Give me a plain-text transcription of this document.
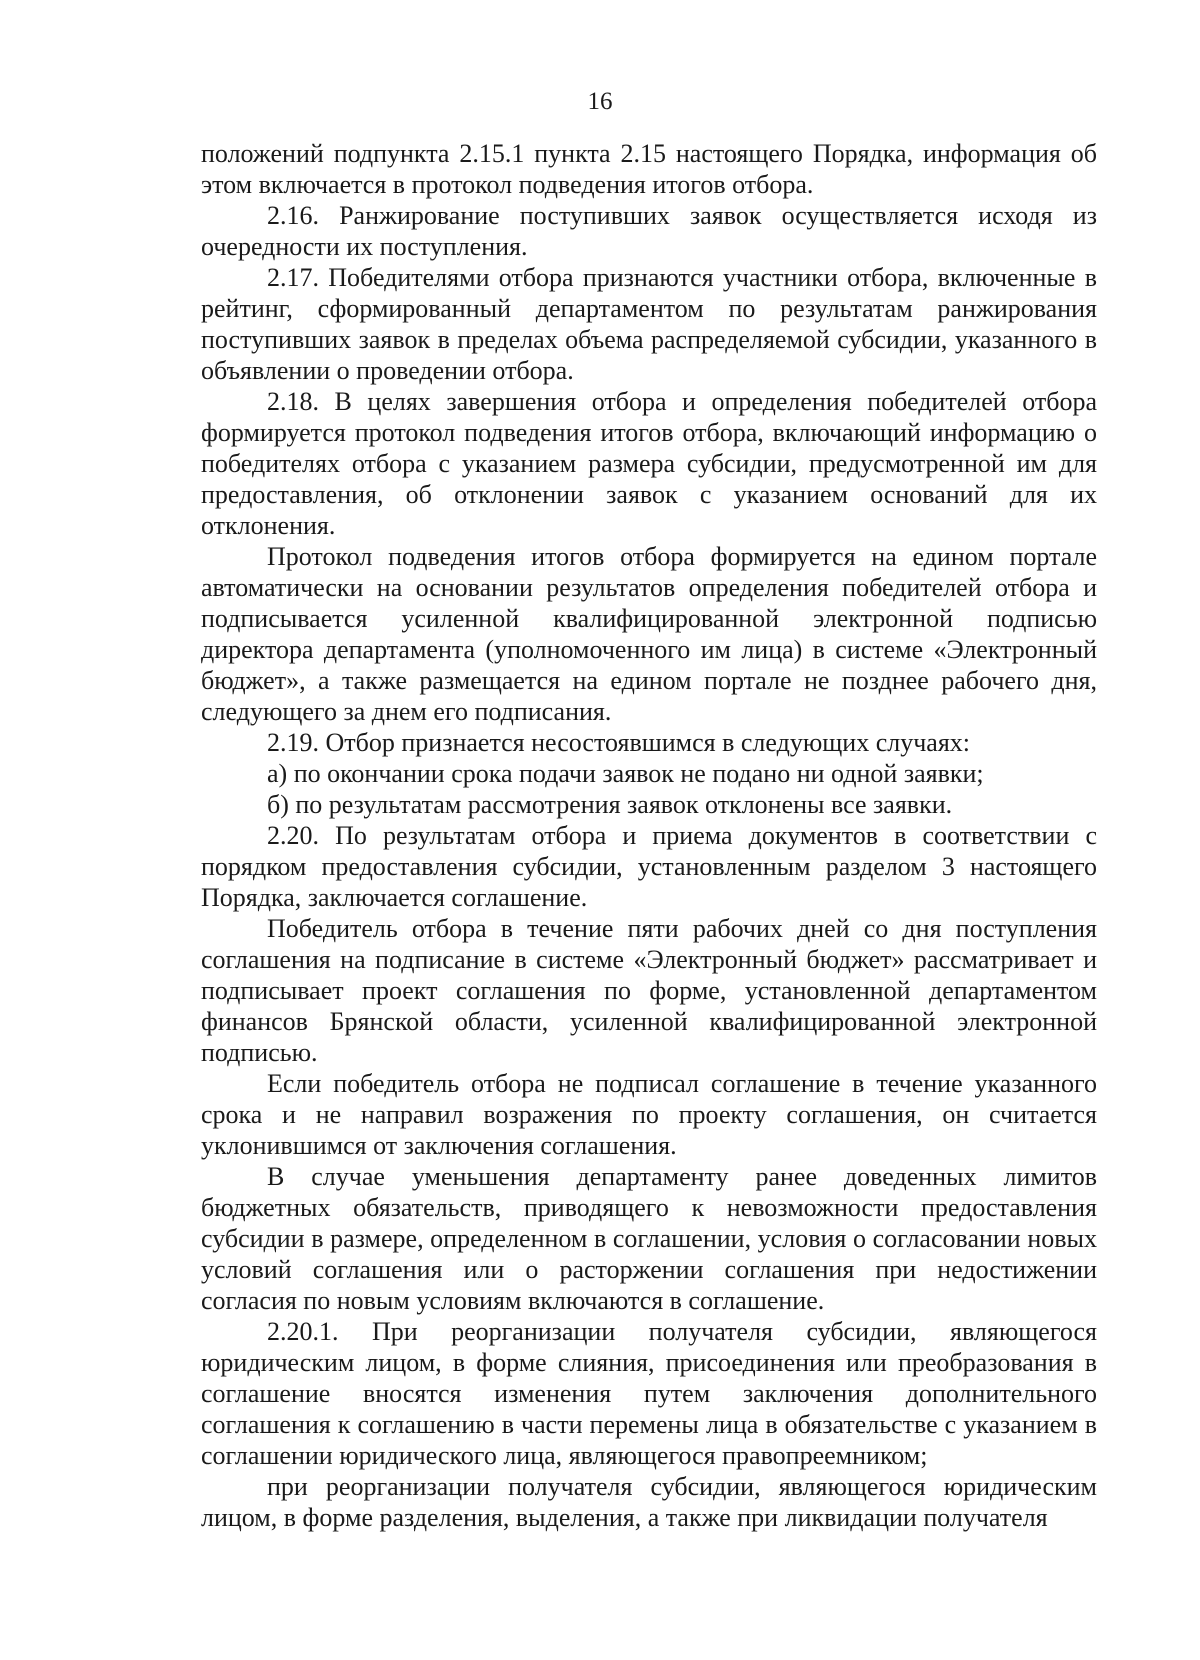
16

положений подпункта 2.15.1 пункта 2.15 настоящего Порядка, информация об этом включается в протокол подведения итогов отбора.

2.16. Ранжирование поступивших заявок осуществляется исходя из очередности их поступления.

2.17. Победителями отбора признаются участники отбора, включенные в рейтинг, сформированный департаментом по результатам ранжирования поступивших заявок в пределах объема распределяемой субсидии, указанного в объявлении о проведении отбора.

2.18. В целях завершения отбора и определения победителей отбора формируется протокол подведения итогов отбора, включающий информацию о победителях отбора с указанием размера субсидии, предусмотренной им для предоставления, об отклонении заявок с указанием оснований для их отклонения.

Протокол подведения итогов отбора формируется на едином портале автоматически на основании результатов определения победителей отбора и подписывается усиленной квалифицированной электронной подписью директора департамента (уполномоченного им лица) в системе «Электронный бюджет», а также размещается на едином портале не позднее рабочего дня, следующего за днем его подписания.

2.19. Отбор признается несостоявшимся в следующих случаях:

а) по окончании срока подачи заявок не подано ни одной заявки;

б) по результатам рассмотрения заявок отклонены все заявки.

2.20. По результатам отбора и приема документов в соответствии с порядком предоставления субсидии, установленным разделом 3 настоящего Порядка, заключается соглашение.

Победитель отбора в течение пяти рабочих дней со дня поступления соглашения на подписание в системе «Электронный бюджет» рассматривает и подписывает проект соглашения по форме, установленной департаментом финансов Брянской области, усиленной квалифицированной электронной подписью.

Если победитель отбора не подписал соглашение в течение указанного срока и не направил возражения по проекту соглашения, он считается уклонившимся от заключения соглашения.

В случае уменьшения департаменту ранее доведенных лимитов бюджетных обязательств, приводящего к невозможности предоставления субсидии в размере, определенном в соглашении, условия о согласовании новых условий соглашения или о расторжении соглашения при недостижении согласия по новым условиям включаются в соглашение.

2.20.1. При реорганизации получателя субсидии, являющегося юридическим лицом, в форме слияния, присоединения или преобразования в соглашение вносятся изменения путем заключения дополнительного соглашения к соглашению в части перемены лица в обязательстве с указанием в соглашении юридического лица, являющегося правопреемником;

при реорганизации получателя субсидии, являющегося юридическим лицом, в форме разделения, выделения, а также при ликвидации получателя
